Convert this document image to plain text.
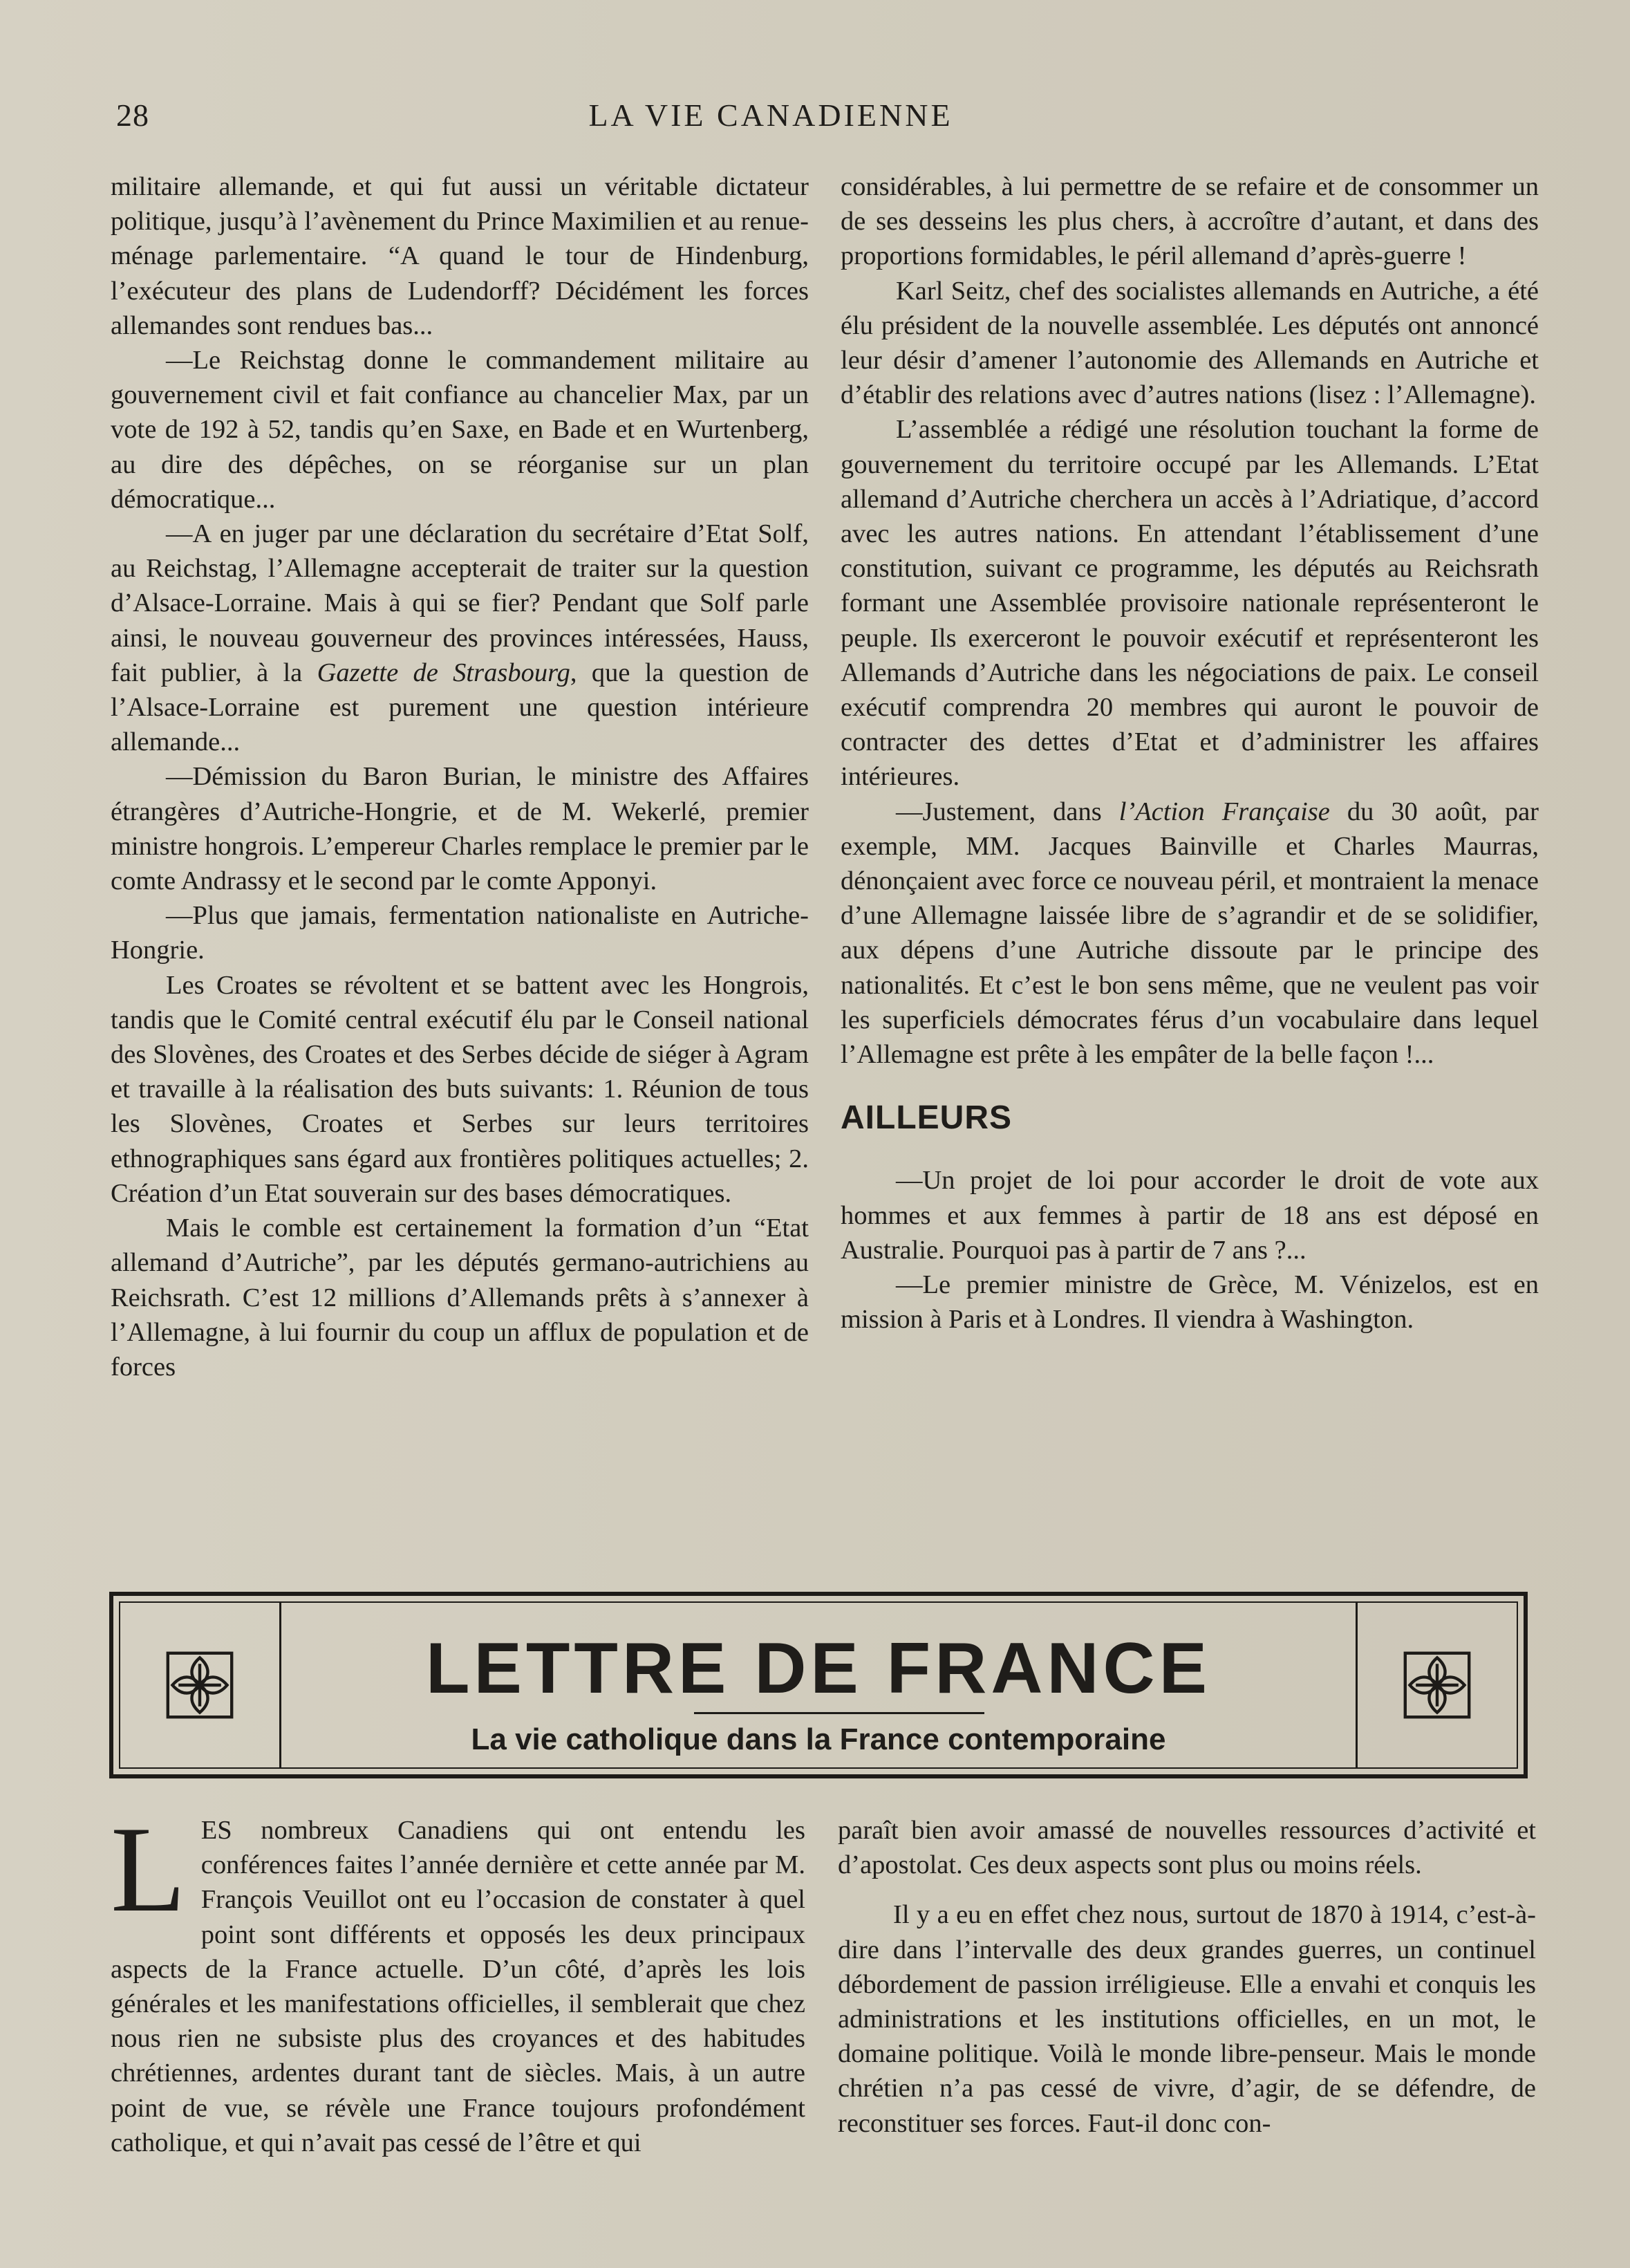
28	LA VIE CANADIENNE

militaire allemande, et qui fut aussi un véritable dictateur politique, jusqu’à l’avènement du Prince Maximilien et au renue-ménage parlementaire. “A quand le tour de Hindenburg, l’exécuteur des plans de Ludendorff? Décidément les forces allemandes sont rendues bas...

—Le Reichstag donne le commandement militaire au gouvernement civil et fait confiance au chancelier Max, par un vote de 192 à 52, tandis qu’en Saxe, en Bade et en Wurtenberg, au dire des dépêches, on se réorganise sur un plan démocratique...

—A en juger par une déclaration du secrétaire d’Etat Solf, au Reichstag, l’Allemagne accepterait de traiter sur la question d’Alsace-Lorraine. Mais à qui se fier? Pendant que Solf parle ainsi, le nouveau gouverneur des provinces intéressées, Hauss, fait publier, à la Gazette de Strasbourg, que la question de l’Alsace-Lorraine est purement une question intérieure allemande...

—Démission du Baron Burian, le ministre des Affaires étrangères d’Autriche-Hongrie, et de M. Wekerlé, premier ministre hongrois. L’empereur Charles remplace le premier par le comte Andrassy et le second par le comte Apponyi.

—Plus que jamais, fermentation nationaliste en Autriche-Hongrie.

Les Croates se révoltent et se battent avec les Hongrois, tandis que le Comité central exécutif élu par le Conseil national des Slovènes, des Croates et des Serbes décide de siéger à Agram et travaille à la réalisation des buts suivants: 1. Réunion de tous les Slovènes, Croates et Serbes sur leurs territoires ethnographiques sans égard aux frontières politiques actuelles; 2. Création d’un Etat souverain sur des bases démocratiques.

Mais le comble est certainement la formation d’un “Etat allemand d’Autriche”, par les députés germano-autrichiens au Reichsrath. C’est 12 millions d’Allemands prêts à s’annexer à l’Allemagne, à lui fournir du coup un afflux de population et de forces

considérables, à lui permettre de se refaire et de consommer un de ses desseins les plus chers, à accroître d’autant, et dans des proportions formidables, le péril allemand d’après-guerre !

Karl Seitz, chef des socialistes allemands en Autriche, a été élu président de la nouvelle assemblée. Les députés ont annoncé leur désir d’amener l’autonomie des Allemands en Autriche et d’établir des relations avec d’autres nations (lisez : l’Allemagne).

L’assemblée a rédigé une résolution touchant la forme de gouvernement du territoire occupé par les Allemands. L’Etat allemand d’Autriche cherchera un accès à l’Adriatique, d’accord avec les autres nations. En attendant l’établissement d’une constitution, suivant ce programme, les députés au Reichsrath formant une Assemblée provisoire nationale représenteront le peuple. Ils exerceront le pouvoir exécutif et représenteront les Allemands d’Autriche dans les négociations de paix. Le conseil exécutif comprendra 20 membres qui auront le pouvoir de contracter des dettes d’Etat et d’administrer les affaires intérieures.

—Justement, dans l’Action Française du 30 août, par exemple, MM. Jacques Bainville et Charles Maurras, dénonçaient avec force ce nouveau péril, et montraient la menace d’une Allemagne laissée libre de s’agrandir et de se solidifier, aux dépens d’une Autriche dissoute par le principe des nationalités. Et c’est le bon sens même, que ne veulent pas voir les superficiels démocrates férus d’un vocabulaire dans lequel l’Allemagne est prête à les empâter de la belle façon !...

AILLEURS

—Un projet de loi pour accorder le droit de vote aux hommes et aux femmes à partir de 18 ans est déposé en Australie. Pourquoi pas à partir de 7 ans ?...

—Le premier ministre de Grèce, M. Vénizelos, est en mission à Paris et à Londres. Il viendra à Washington.

LETTRE DE FRANCE
La vie catholique dans la France contemporaine

LES nombreux Canadiens qui ont entendu les conférences faites l’année dernière et cette année par M. François Veuillot ont eu l’occasion de constater à quel point sont différents et opposés les deux principaux aspects de la France actuelle. D’un côté, d’après les lois générales et les manifestations officielles, il semblerait que chez nous rien ne subsiste plus des croyances et des habitudes chrétiennes, ardentes durant tant de siècles. Mais, à un autre point de vue, se révèle une France toujours profondément catholique, et qui n’avait pas cessé de l’être et qui

paraît bien avoir amassé de nouvelles ressources d’activité et d’apostolat. Ces deux aspects sont plus ou moins réels.

Il y a eu en effet chez nous, surtout de 1870 à 1914, c’est-à-dire dans l’intervalle des deux grandes guerres, un continuel débordement de passion irréligieuse. Elle a envahi et conquis les administrations et les institutions officielles, en un mot, le domaine politique. Voilà le monde libre-penseur. Mais le monde chrétien n’a pas cessé de vivre, d’agir, de se défendre, de reconstituer ses forces. Faut-il donc con-
